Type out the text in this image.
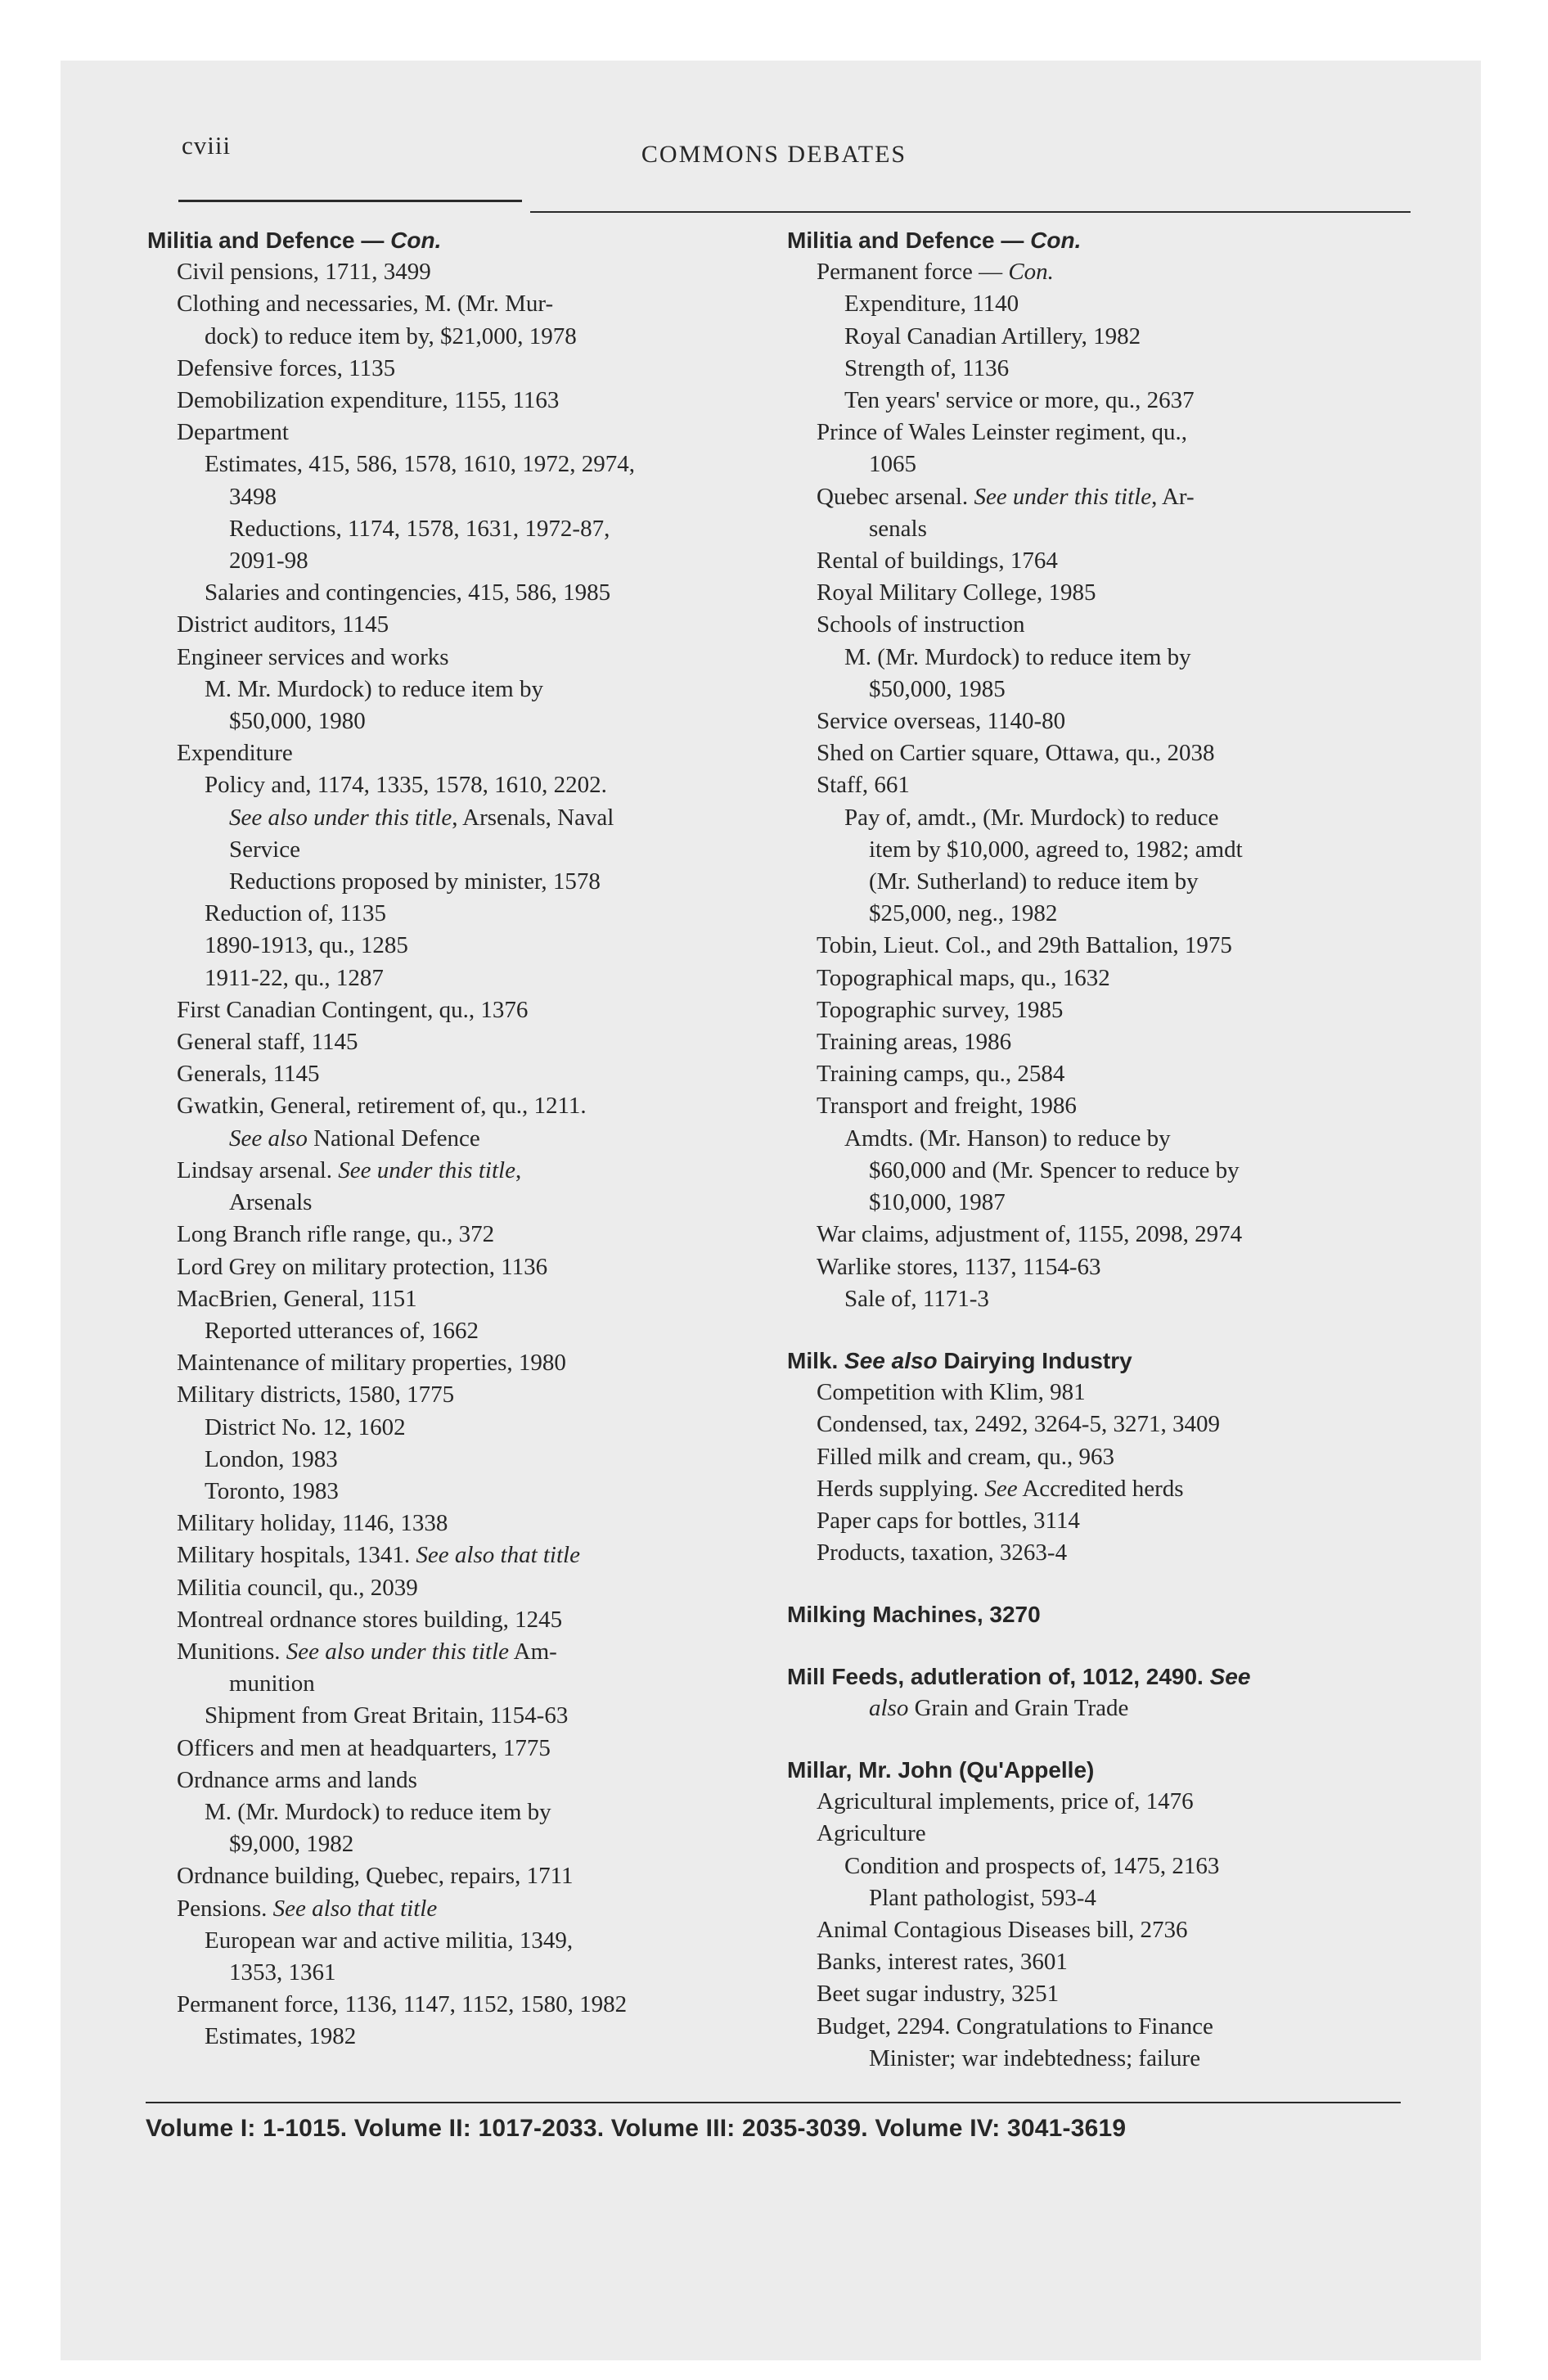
cviii	COMMONS DEBATES
Militia and Defence — Con.
Civil pensions, 1711, 3499
Clothing and necessaries, M. (Mr. Mur-
dock) to reduce item by, $21,000, 1978
Defensive forces, 1135
Demobilization expenditure, 1155, 1163
Department
Estimates, 415, 586, 1578, 1610, 1972, 2974,
3498
Reductions, 1174, 1578, 1631, 1972-87,
2091-98
Salaries and contingencies, 415, 586, 1985
District auditors, 1145
Engineer services and works
M. Mr. Murdock) to reduce item by
$50,000, 1980
Expenditure
Policy and, 1174, 1335, 1578, 1610, 2202.
See also under this title, Arsenals, Naval
Service
Reductions proposed by minister, 1578
Reduction of, 1135
1890-1913, qu., 1285
1911-22, qu., 1287
First Canadian Contingent, qu., 1376
General staff, 1145
Generals, 1145
Gwatkin, General, retirement of, qu., 1211.
See also National Defence
Lindsay arsenal. See under this title,
Arsenals
Long Branch rifle range, qu., 372
Lord Grey on military protection, 1136
MacBrien, General, 1151
Reported utterances of, 1662
Maintenance of military properties, 1980
Military districts, 1580, 1775
District No. 12, 1602
London, 1983
Toronto, 1983
Military holiday, 1146, 1338
Military hospitals, 1341. See also that title
Militia council, qu., 2039
Montreal ordnance stores building, 1245
Munitions. See also under this title Am-
munition
Shipment from Great Britain, 1154-63
Officers and men at headquarters, 1775
Ordnance arms and lands
M. (Mr. Murdock) to reduce item by
$9,000, 1982
Ordnance building, Quebec, repairs, 1711
Pensions. See also that title
European war and active militia, 1349,
1353, 1361
Permanent force, 1136, 1147, 1152, 1580, 1982
Estimates, 1982
Militia and Defence — Con.
Permanent force — Con.
Expenditure, 1140
Royal Canadian Artillery, 1982
Strength of, 1136
Ten years' service or more, qu., 2637
Prince of Wales Leinster regiment, qu.,
1065
Quebec arsenal. See under this title, Ar-
senals
Rental of buildings, 1764
Royal Military College, 1985
Schools of instruction
M. (Mr. Murdock) to reduce item by
$50,000, 1985
Service overseas, 1140-80
Shed on Cartier square, Ottawa, qu., 2038
Staff, 661
Pay of, amdt., (Mr. Murdock) to reduce
item by $10,000, agreed to, 1982; amdt
(Mr. Sutherland) to reduce item by
$25,000, neg., 1982
Tobin, Lieut. Col., and 29th Battalion, 1975
Topographical maps, qu., 1632
Topographic survey, 1985
Training areas, 1986
Training camps, qu., 2584
Transport and freight, 1986
Amdts. (Mr. Hanson) to reduce by
$60,000 and (Mr. Spencer to reduce by
$10,000, 1987
War claims, adjustment of, 1155, 2098, 2974
Warlike stores, 1137, 1154-63
Sale of, 1171-3
Milk. See also Dairying Industry
Competition with Klim, 981
Condensed, tax, 2492, 3264-5, 3271, 3409
Filled milk and cream, qu., 963
Herds supplying. See Accredited herds
Paper caps for bottles, 3114
Products, taxation, 3263-4
Milking Machines, 3270
Mill Feeds, adutleration of, 1012, 2490. See
also Grain and Grain Trade
Millar, Mr. John (Qu'Appelle)
Agricultural implements, price of, 1476
Agriculture
Condition and prospects of, 1475, 2163
Plant pathologist, 593-4
Animal Contagious Diseases bill, 2736
Banks, interest rates, 3601
Beet sugar industry, 3251
Budget, 2294. Congratulations to Finance
Minister; war indebtedness; failure
Volume I: 1-1015. Volume II: 1017-2033. Volume III: 2035-3039. Volume IV: 3041-3619
